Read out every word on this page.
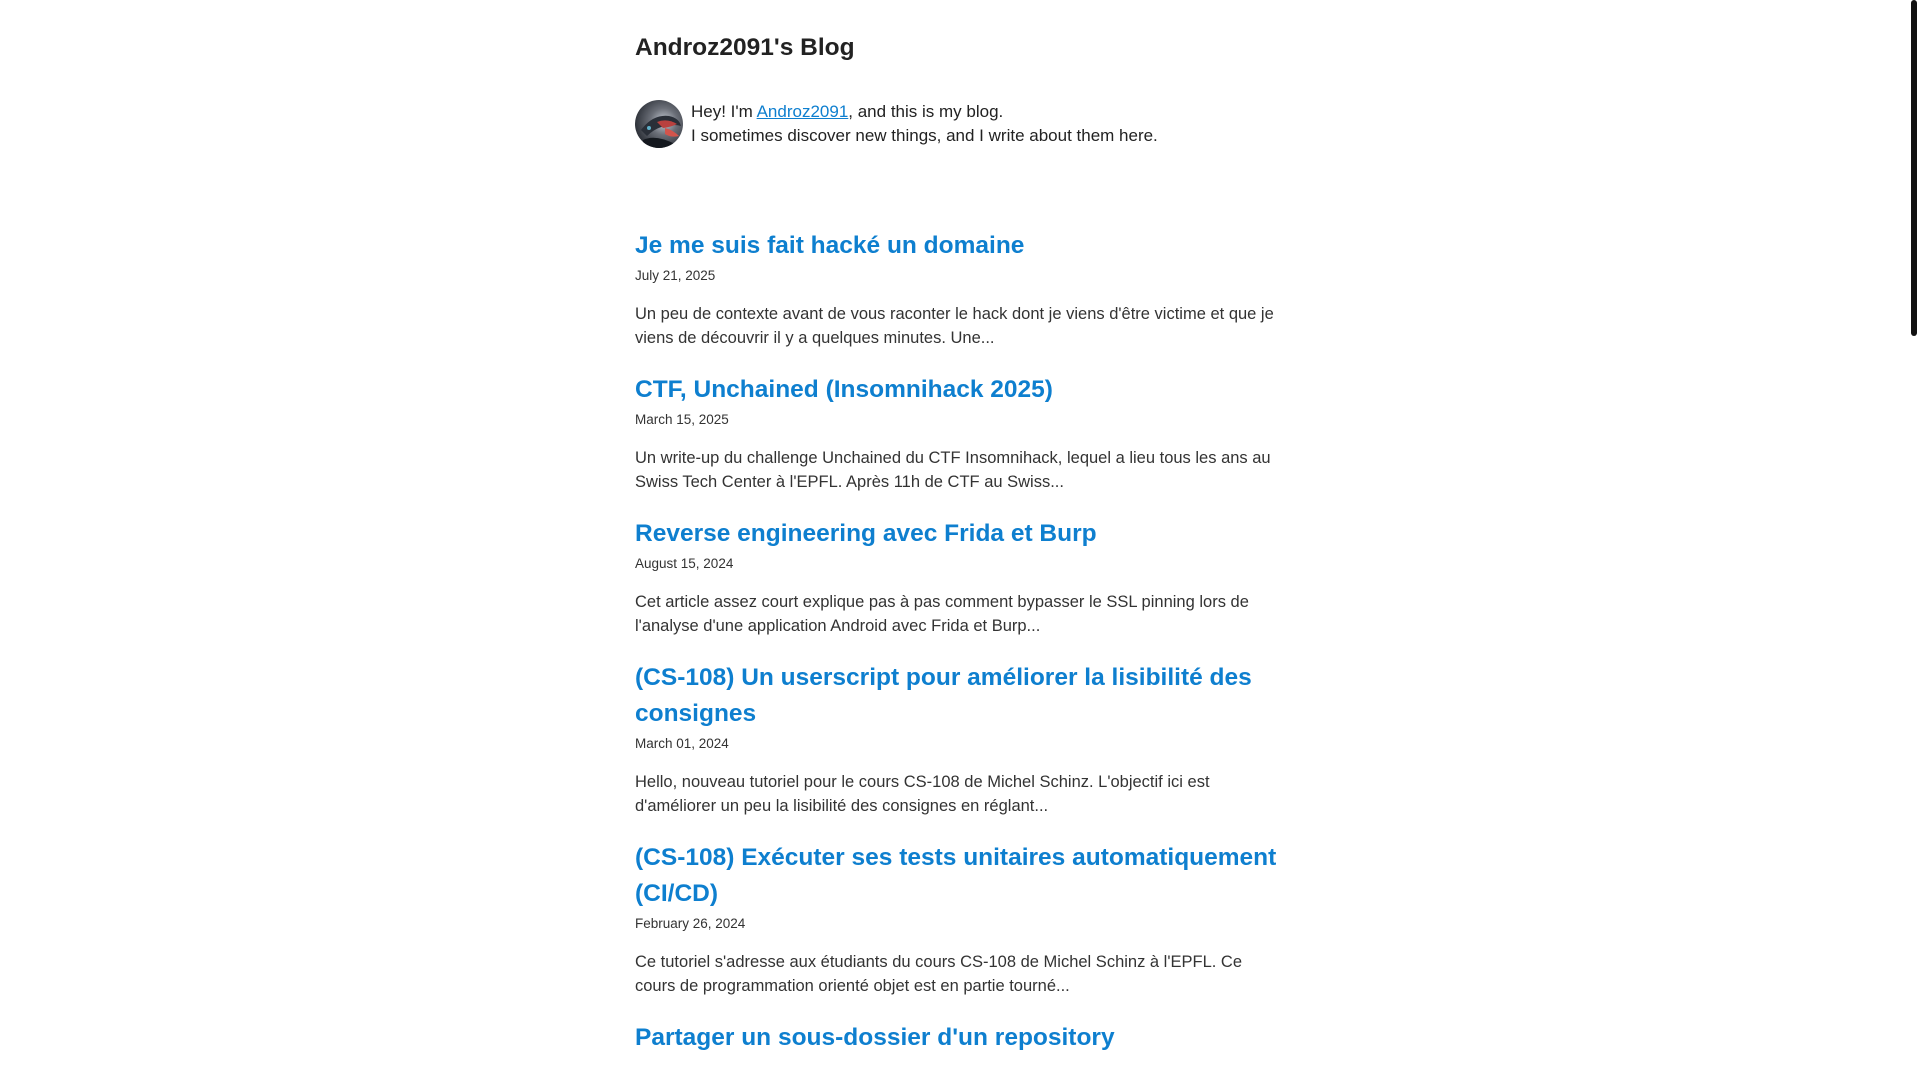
Androz2091's Blog
Hey! I'm Androz2091, and this is my blog.
I sometimes discover new things, and I write about them here.
Je me suis fait hacké un domaine
July 21, 2025

Un peu de contexte avant de vous raconter le hack dont je viens d'être victime et que je viens de découvrir il y a quelques minutes. Une...

CTF, Unchained (Insomnihack 2025)
March 15, 2025

Un write-up du challenge Unchained du CTF Insomnihack, lequel a lieu tous les ans au Swiss Tech Center à l'EPFL. Après 11h de CTF au Swiss...

Reverse engineering avec Frida et Burp
August 15, 2024

Cet article assez court explique pas à pas comment bypasser le SSL pinning lors de l'analyse d'une application Android avec Frida et Burp...

(CS-108) Un userscript pour améliorer la lisibilité des consignes
March 01, 2024

Hello, nouveau tutoriel pour le cours CS-108 de Michel Schinz. L'objectif ici est d'améliorer un peu la lisibilité des consignes en réglant...

(CS-108) Exécuter ses tests unitaires automatiquement (CI/CD)
February 26, 2024

Ce tutoriel s'adresse aux étudiants du cours CS-108 de Michel Schinz à l'EPFL. Ce cours de programmation orienté objet est en partie tourné...

Partager un sous-dossier d'un repository
